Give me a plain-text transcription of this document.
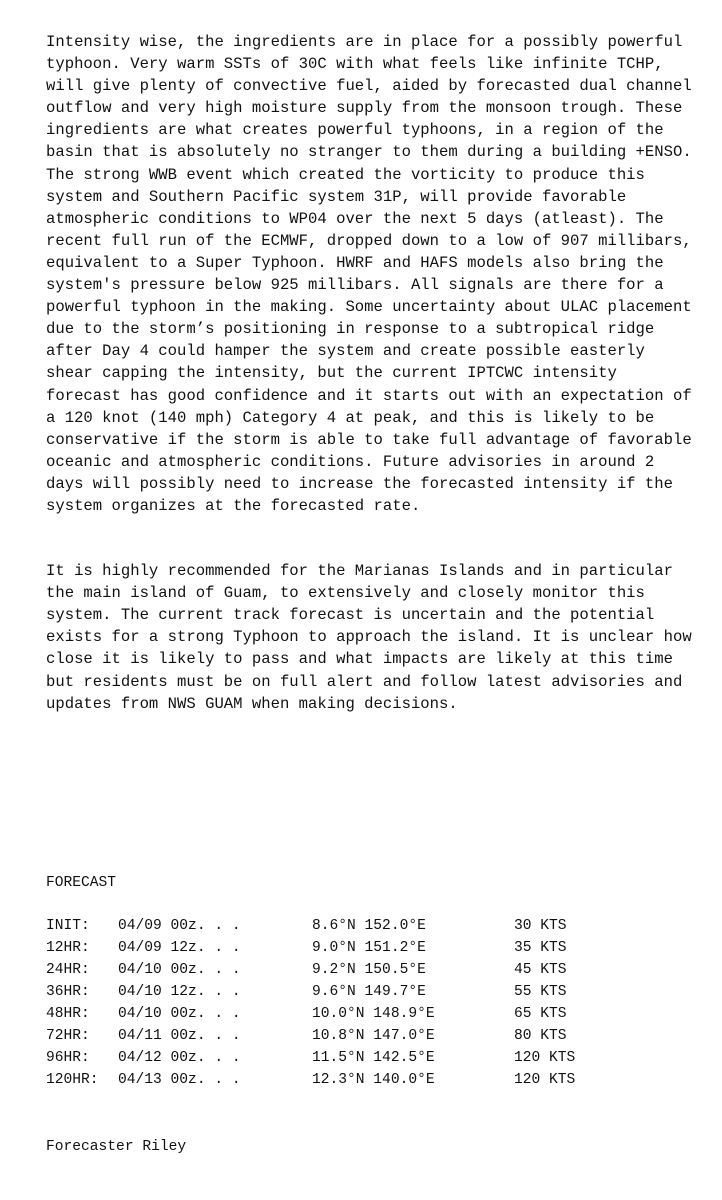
Intensity wise, the ingredients are in place for a possibly powerful typhoon. Very warm SSTs of 30C with what feels like infinite TCHP, will give plenty of convective fuel, aided by forecasted dual channel outflow and very high moisture supply from the monsoon trough. These ingredients are what creates powerful typhoons, in a region of the basin that is absolutely no stranger to them during a building +ENSO. The strong WWB event which created the vorticity to produce this system and Southern Pacific system 31P, will provide favorable atmospheric conditions to WP04 over the next 5 days (atleast). The recent full run of the ECMWF, dropped down to a low of 907 millibars, equivalent to a Super Typhoon. HWRF and HAFS models also bring the system's pressure below 925 millibars. All signals are there for a powerful typhoon in the making. Some uncertainty about ULAC placement due to the storm’s positioning in response to a subtropical ridge after Day 4 could hamper the system and create possible easterly shear capping the intensity, but the current IPTCWC intensity forecast has good confidence and it starts out with an expectation of a 120 knot (140 mph) Category 4 at peak, and this is likely to be conservative if the storm is able to take full advantage of favorable oceanic and atmospheric conditions. Future advisories in around 2 days will possibly need to increase the forecasted intensity if the system organizes at the forecasted rate.

It is highly recommended for the Marianas Islands and in particular the main island of Guam, to extensively and closely monitor this system. The current track forecast is uncertain and the potential exists for a strong Typhoon to approach the island. It is unclear how close it is likely to pass and what impacts are likely at this time but residents must be on full alert and follow latest advisories and updates from NWS GUAM when making decisions.

FORECAST

INIT:	04/09 00z. . .	8.6°N 152.0°E	30 KTS
12HR:	04/09 12z. . .	9.0°N 151.2°E	35 KTS
24HR:	04/10 00z. . .	9.2°N 150.5°E	45 KTS
36HR:	04/10 12z. . .	9.6°N 149.7°E	55 KTS
48HR:	04/10 00z. . .	10.0°N 148.9°E	65 KTS
72HR:	04/11 00z. . .	10.8°N 147.0°E	80 KTS
96HR:	04/12 00z. . .	11.5°N 142.5°E	120 KTS
120HR:	04/13 00z. . .	12.3°N 140.0°E	120 KTS

Forecaster Riley
